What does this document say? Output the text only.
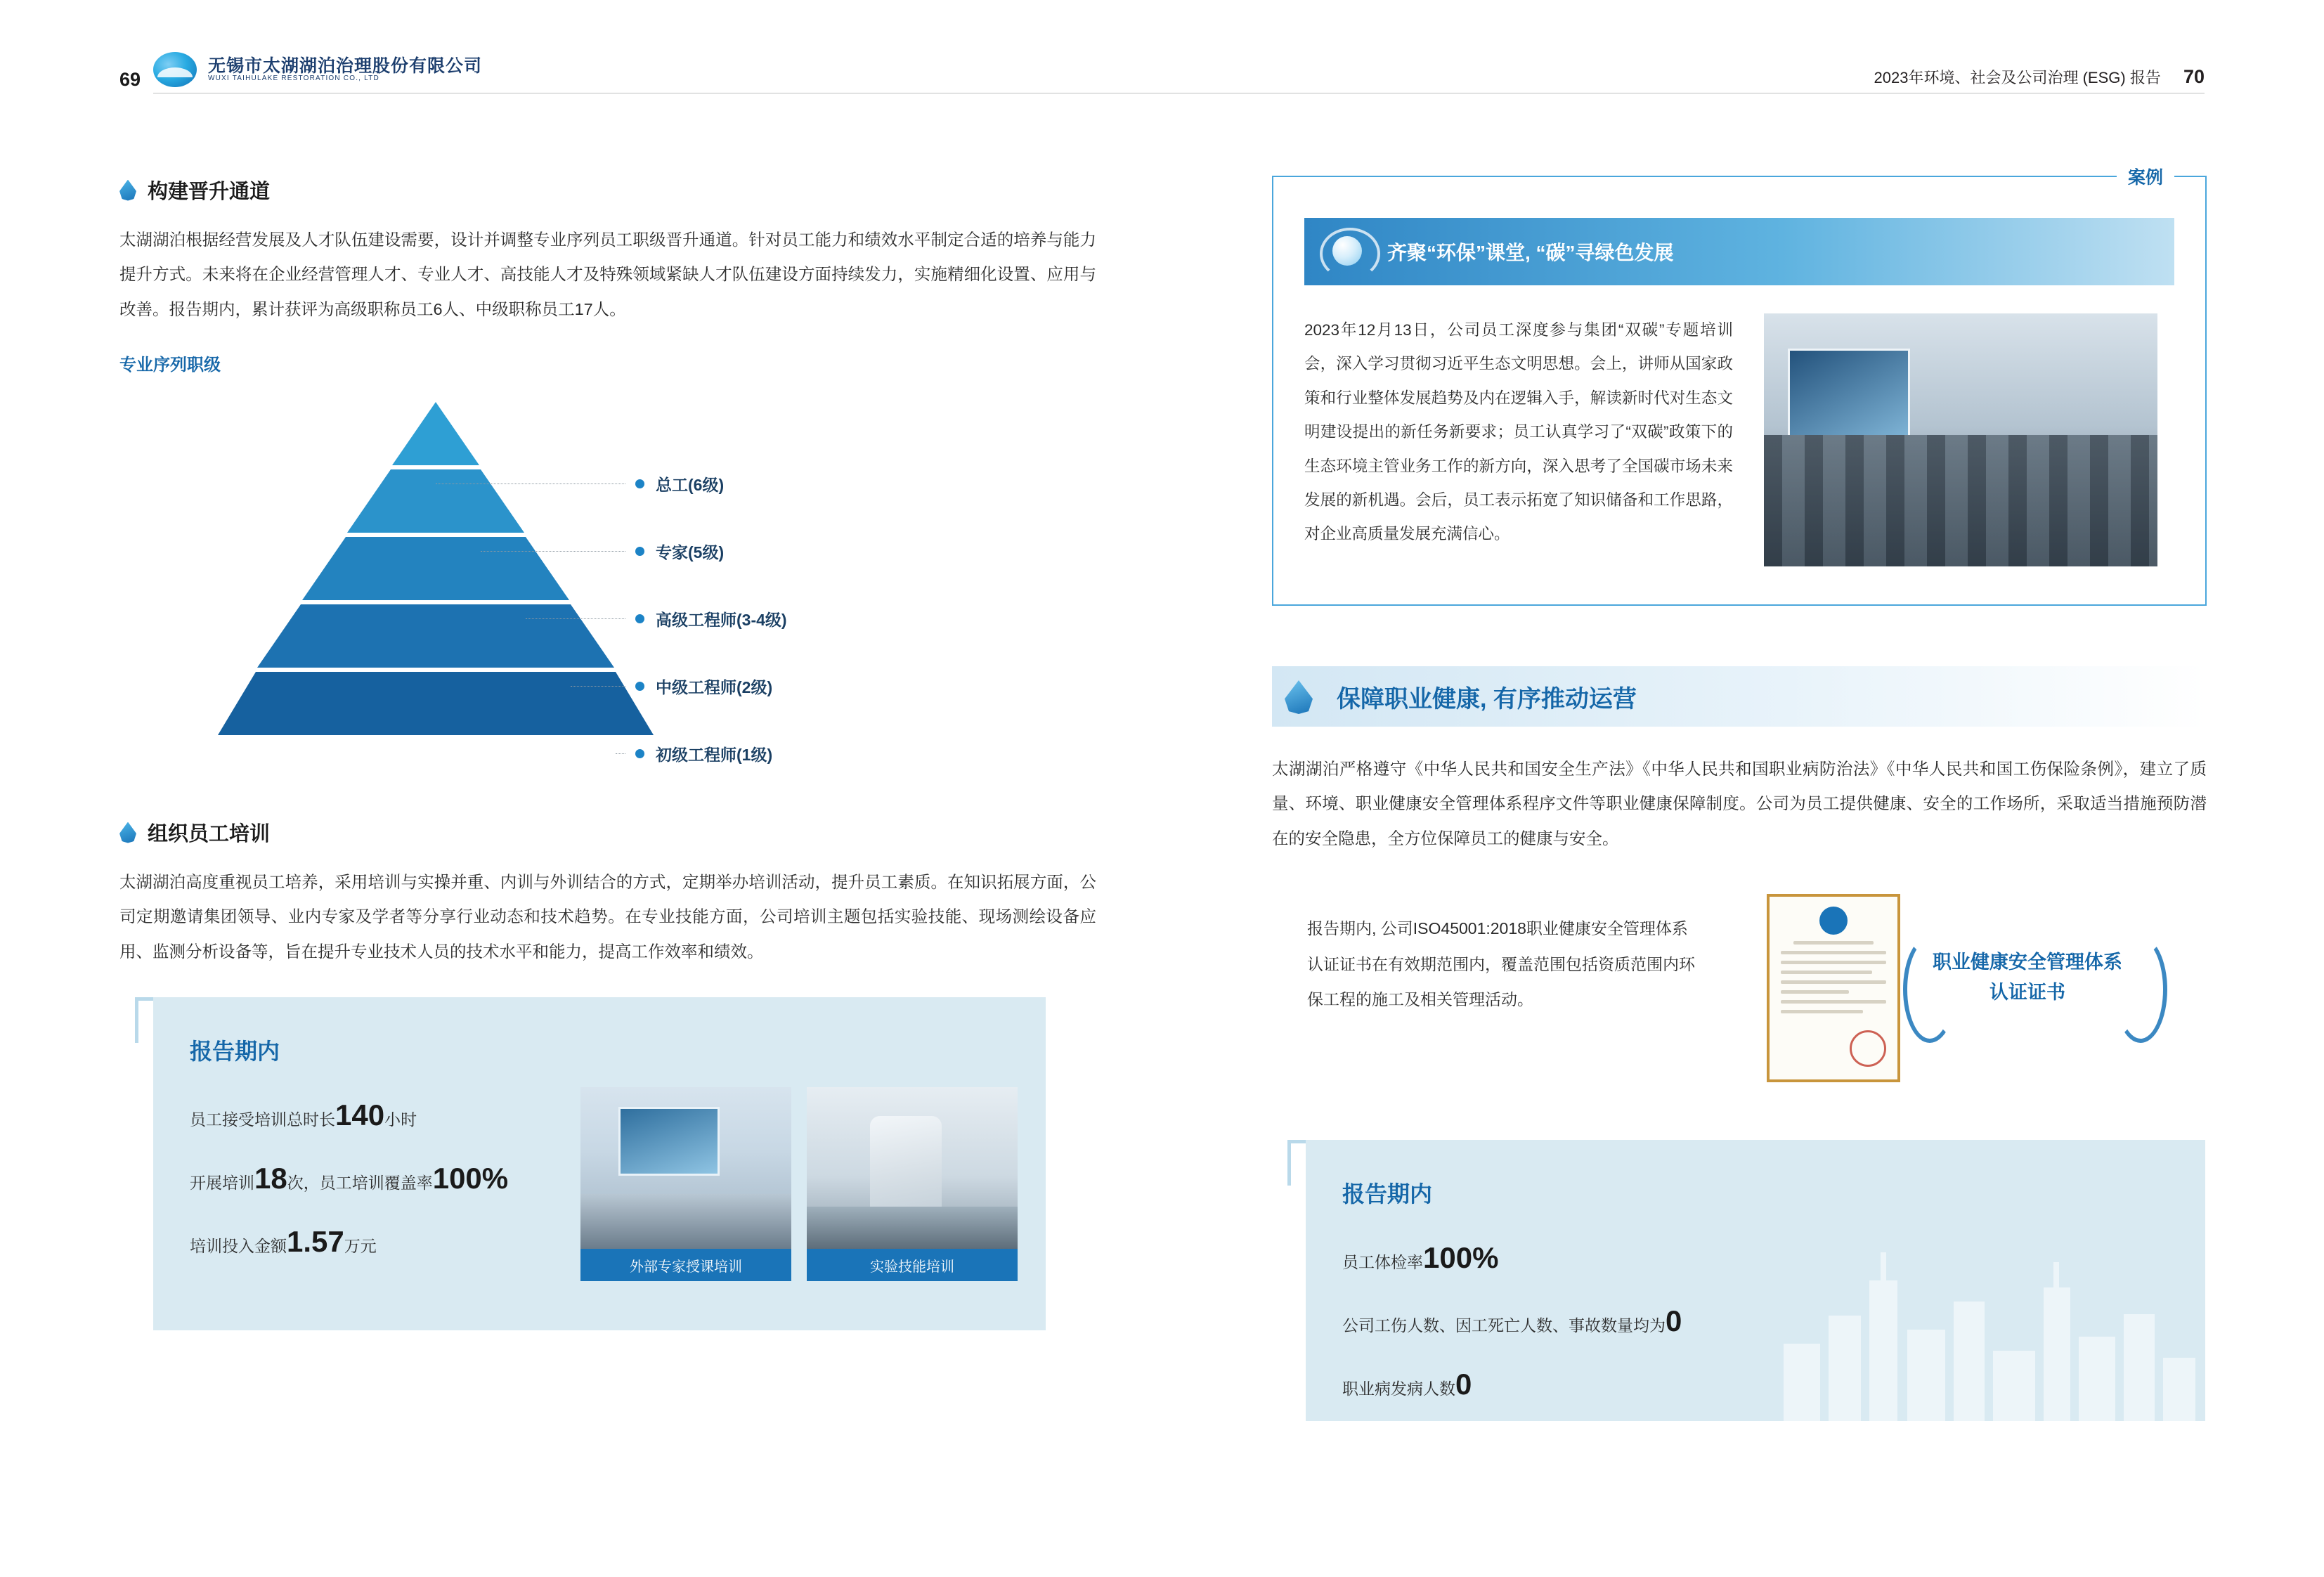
69
无锡市太湖湖泊治理股份有限公司
WUXI TAIHULAKE RESTORATION CO., LTD	2023年环境、社会及公司治理 (ESG) 报告 70
构建晋升通道

太湖湖泊根据经营发展及人才队伍建设需要，设计并调整专业序列员工职级晋升通道。针对员工能力和绩效水平制定合适的培养与能力提升方式。未来将在企业经营管理人才、专业人才、高技能人才及特殊领域紧缺人才队伍建设方面持续发力，实施精细化设置、应用与改善。报告期内，累计获评为高级职称员工6人、中级职称员工17人。

专业序列职级
总工(6级)
专家(5级)
高级工程师(3-4级)
中级工程师(2级)
初级工程师(1级)
组织员工培训

太湖湖泊高度重视员工培养，采用培训与实操并重、内训与外训结合的方式，定期举办培训活动，提升员工素质。在知识拓展方面，公司定期邀请集团领导、业内专家及学者等分享行业动态和技术趋势。在专业技能方面，公司培训主题包括实验技能、现场测绘设备应用、监测分析设备等，旨在提升专业技术人员的技术水平和能力，提高工作效率和绩效。

报告期内
员工接受培训总时长140小时
开展培训18次，员工培训覆盖率100%
培训投入金额1.57万元
外部专家授课培训	实验技能培训
案例
齐聚“环保”课堂, “碳”寻绿色发展
2023年12月13日，公司员工深度参与集团“双碳”专题培训会，深入学习贯彻习近平生态文明思想。会上，讲师从国家政策和行业整体发展趋势及内在逻辑入手，解读新时代对生态文明建设提出的新任务新要求；员工认真学习了“双碳”政策下的生态环境主管业务工作的新方向，深入思考了全国碳市场未来发展的新机遇。会后，员工表示拓宽了知识储备和工作思路，对企业高质量发展充满信心。
保障职业健康, 有序推动运营

太湖湖泊严格遵守《中华人民共和国安全生产法》《中华人民共和国职业病防治法》《中华人民共和国工伤保险条例》，建立了质量、环境、职业健康安全管理体系程序文件等职业健康保障制度。公司为员工提供健康、安全的工作场所，采取适当措施预防潜在的安全隐患，全方位保障员工的健康与安全。

报告期内, 公司ISO45001:2018职业健康安全管理体系认证证书在有效期范围内，覆盖范围包括资质范围内环保工程的施工及相关管理活动。
职业健康安全管理体系认证证书
报告期内
员工体检率100%
公司工伤人数、因工死亡人数、事故数量均为0
职业病发病人数0
